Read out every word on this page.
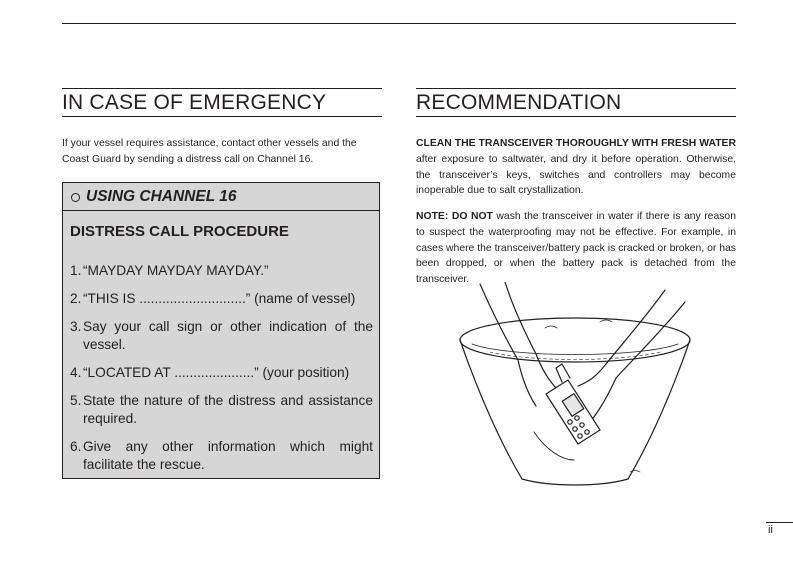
IN CASE OF EMERGENCY

If your vessel requires assistance, contact other vessels and the Coast Guard by sending a distress call on Channel 16.

USING CHANNEL 16
DISTRESS CALL PROCEDURE
1. “MAYDAY MAYDAY MAYDAY.”
2. “THIS IS ............................” (name of vessel)
3. Say your call sign or other indication of the vessel.
4. “LOCATED AT .....................” (your position)
5. State the nature of the distress and assistance required.
6. Give any other information which might facilitate the rescue.
RECOMMENDATION

CLEAN THE TRANSCEIVER THOROUGHLY WITH FRESH WATER after exposure to saltwater, and dry it before operation. Otherwise, the transceiver’s keys, switches and controllers may become inoperable due to salt crystallization.

NOTE: DO NOT wash the transceiver in water if there is any reason to suspect the waterproofing may not be effective. For example, in cases where the transceiver/battery pack is cracked or broken, or has been dropped, or when the battery pack is detached from the transceiver.

ii
